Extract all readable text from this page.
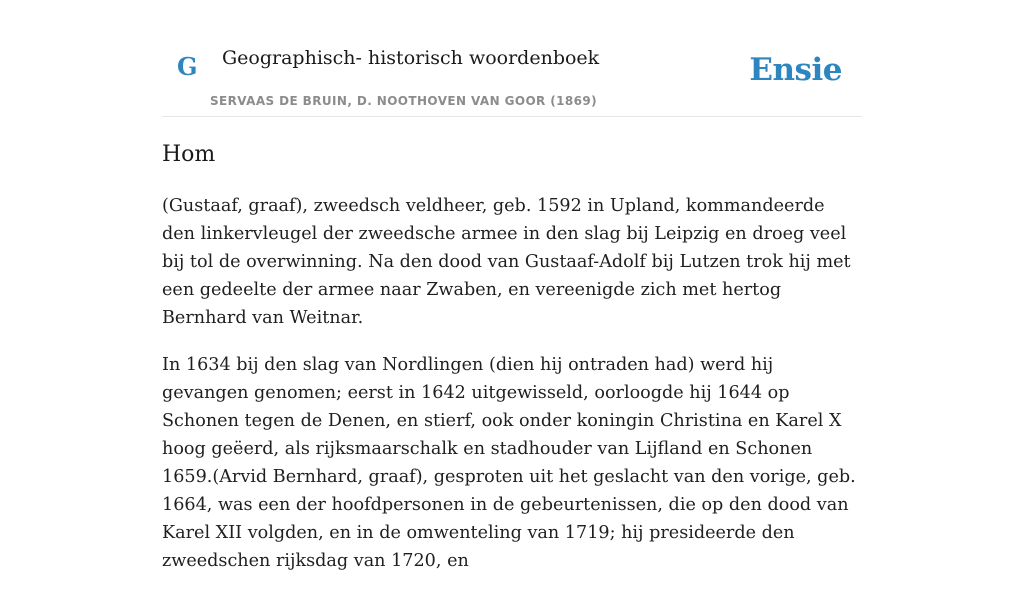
G Geographisch- historisch woordenboek
SERVAAS DE BRUIN, D. NOOTHOVEN VAN GOOR (1869)
Ensie
Hom

(Gustaaf, graaf), zweedsch veldheer, geb. 1592 in Upland, kommandeerde den linkervleugel der zweedsche armee in den slag bij Leipzig en droeg veel bij tol de overwinning. Na den dood van Gustaaf-Adolf bij Lutzen trok hij met een gedeelte der armee naar Zwaben, en vereenigde zich met hertog Bernhard van Weitnar.

In 1634 bij den slag van Nordlingen (dien hij ontraden had) werd hij gevangen genomen; eerst in 1642 uitgewisseld, oorloogde hij 1644 op Schonen tegen de Denen, en stierf, ook onder koningin Christina en Karel X hoog geëerd, als rijksmaarschalk en stadhouder van Lijfland en Schonen 1659.(Arvid Bernhard, graaf), gesproten uit het geslacht van den vorige, geb. 1664, was een der hoofdpersonen in de gebeurtenissen, die op den dood van Karel XII volgden, en in de omwenteling van 1719; hij presideerde den zweedschen rijksdag van 1720, en
